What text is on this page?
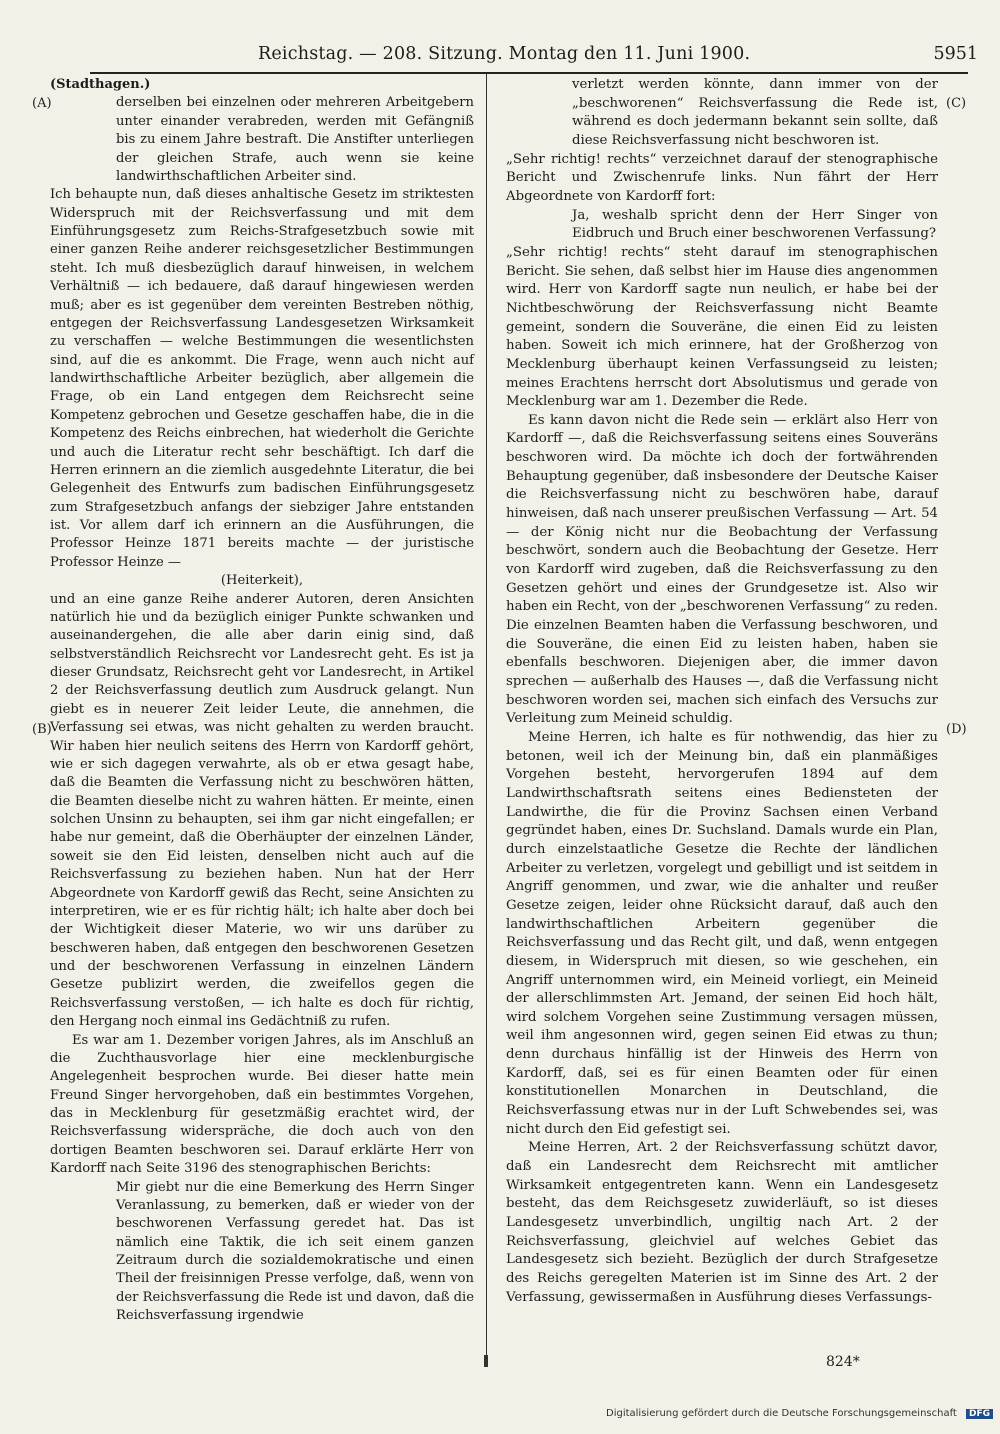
Reichstag. — 208. Sitzung. Montag den 11. Juni 1900.	5951
(A)
(B)
(C)
(D)

(Stadthagen.)

derselben bei einzelnen oder mehreren Arbeitgebern unter einander verabreden, werden mit Gefängniß bis zu einem Jahre bestraft. Die Anstifter unterliegen der gleichen Strafe, auch wenn sie keine landwirthschaftlichen Arbeiter sind.

Ich behaupte nun, daß dieses anhaltische Gesetz im striktesten Widerspruch mit der Reichsverfassung und mit dem Einführungsgesetz zum Reichs-Strafgesetzbuch sowie mit einer ganzen Reihe anderer reichsgesetzlicher Bestimmungen steht. Ich muß diesbezüglich darauf hinweisen, in welchem Verhältniß — ich bedauere, daß darauf hingewiesen werden muß; aber es ist gegenüber dem vereinten Bestreben nöthig, entgegen der Reichsverfassung Landesgesetzen Wirksamkeit zu verschaffen — welche Bestimmungen die wesentlichsten sind, auf die es ankommt. Die Frage, wenn auch nicht auf landwirthschaftliche Arbeiter bezüglich, aber allgemein die Frage, ob ein Land entgegen dem Reichsrecht seine Kompetenz gebrochen und Gesetze geschaffen habe, die in die Kompetenz des Reichs einbrechen, hat wiederholt die Gerichte und auch die Literatur recht sehr beschäftigt. Ich darf die Herren erinnern an die ziemlich ausgedehnte Literatur, die bei Gelegenheit des Entwurfs zum badischen Einführungsgesetz zum Strafgesetzbuch anfangs der siebziger Jahre entstanden ist. Vor allem darf ich erinnern an die Ausführungen, die Professor Heinze 1871 bereits machte — der juristische Professor Heinze —

(Heiterkeit),

und an eine ganze Reihe anderer Autoren, deren Ansichten natürlich hie und da bezüglich einiger Punkte schwanken und auseinandergehen, die alle aber darin einig sind, daß selbstverständlich Reichsrecht vor Landesrecht geht. Es ist ja dieser Grundsatz, Reichsrecht geht vor Landesrecht, in Artikel 2 der Reichsverfassung deutlich zum Ausdruck gelangt. Nun giebt es in neuerer Zeit leider Leute, die annehmen, die Verfassung sei etwas, was nicht gehalten zu werden braucht. Wir haben hier neulich seitens des Herrn von Kardorff gehört, wie er sich dagegen verwahrte, als ob er etwa gesagt habe, daß die Beamten die Verfassung nicht zu beschwören hätten, die Beamten dieselbe nicht zu wahren hätten. Er meinte, einen solchen Unsinn zu behaupten, sei ihm gar nicht eingefallen; er habe nur gemeint, daß die Oberhäupter der einzelnen Länder, soweit sie den Eid leisten, denselben nicht auch auf die Reichsverfassung zu beziehen haben. Nun hat der Herr Abgeordnete von Kardorff gewiß das Recht, seine Ansichten zu interpretiren, wie er es für richtig hält; ich halte aber doch bei der Wichtigkeit dieser Materie, wo wir uns darüber zu beschweren haben, daß entgegen den beschworenen Gesetzen und der beschworenen Verfassung in einzelnen Ländern Gesetze publizirt werden, die zweifellos gegen die Reichsverfassung verstoßen, — ich halte es doch für richtig, den Hergang noch einmal ins Gedächtniß zu rufen.

Es war am 1. Dezember vorigen Jahres, als im Anschluß an die Zuchthausvorlage hier eine mecklenburgische Angelegenheit besprochen wurde. Bei dieser hatte mein Freund Singer hervorgehoben, daß ein bestimmtes Vorgehen, das in Mecklenburg für gesetzmäßig erachtet wird, der Reichsverfassung widerspräche, die doch auch von den dortigen Beamten beschworen sei. Darauf erklärte Herr von Kardorff nach Seite 3196 des stenographischen Berichts:

Mir giebt nur die eine Bemerkung des Herrn Singer Veranlassung, zu bemerken, daß er wieder von der beschworenen Verfassung geredet hat. Das ist nämlich eine Taktik, die ich seit einem ganzen Zeitraum durch die sozialdemokratische und einen Theil der freisinnigen Presse verfolge, daß, wenn von der Reichsverfassung die Rede ist und davon, daß die Reichsverfassung irgendwie

verletzt werden könnte, dann immer von der „beschworenen“ Reichsverfassung die Rede ist, während es doch jedermann bekannt sein sollte, daß diese Reichsverfassung nicht beschworen ist.

„Sehr richtig! rechts“ verzeichnet darauf der stenographische Bericht und Zwischenrufe links. Nun fährt der Herr Abgeordnete von Kardorff fort:

Ja, weshalb spricht denn der Herr Singer von Eidbruch und Bruch einer beschworenen Verfassung?

„Sehr richtig! rechts“ steht darauf im stenographischen Bericht. Sie sehen, daß selbst hier im Hause dies angenommen wird. Herr von Kardorff sagte nun neulich, er habe bei der Nichtbeschwörung der Reichsverfassung nicht Beamte gemeint, sondern die Souveräne, die einen Eid zu leisten haben. Soweit ich mich erinnere, hat der Großherzog von Mecklenburg überhaupt keinen Verfassungseid zu leisten; meines Erachtens herrscht dort Absolutismus und gerade von Mecklenburg war am 1. Dezember die Rede.

Es kann davon nicht die Rede sein — erklärt also Herr von Kardorff —, daß die Reichsverfassung seitens eines Souveräns beschworen wird. Da möchte ich doch der fortwährenden Behauptung gegenüber, daß insbesondere der Deutsche Kaiser die Reichsverfassung nicht zu beschwören habe, darauf hinweisen, daß nach unserer preußischen Verfassung — Art. 54 — der König nicht nur die Beobachtung der Verfassung beschwört, sondern auch die Beobachtung der Gesetze. Herr von Kardorff wird zugeben, daß die Reichsverfassung zu den Gesetzen gehört und eines der Grundgesetze ist. Also wir haben ein Recht, von der „beschworenen Verfassung“ zu reden. Die einzelnen Beamten haben die Verfassung beschworen, und die Souveräne, die einen Eid zu leisten haben, haben sie ebenfalls beschworen. Diejenigen aber, die immer davon sprechen — außerhalb des Hauses —, daß die Verfassung nicht beschworen worden sei, machen sich einfach des Versuchs zur Verleitung zum Meineid schuldig.

Meine Herren, ich halte es für nothwendig, das hier zu betonen, weil ich der Meinung bin, daß ein planmäßiges Vorgehen besteht, hervorgerufen 1894 auf dem Landwirthschaftsrath seitens eines Bediensteten der Landwirthe, die für die Provinz Sachsen einen Verband gegründet haben, eines Dr. Suchsland. Damals wurde ein Plan, durch einzelstaatliche Gesetze die Rechte der ländlichen Arbeiter zu verletzen, vorgelegt und gebilligt und ist seitdem in Angriff genommen, und zwar, wie die anhalter und reußer Gesetze zeigen, leider ohne Rücksicht darauf, daß auch den landwirthschaftlichen Arbeitern gegenüber die Reichsverfassung und das Recht gilt, und daß, wenn entgegen diesem, in Widerspruch mit diesen, so wie geschehen, ein Angriff unternommen wird, ein Meineid vorliegt, ein Meineid der allerschlimmsten Art. Jemand, der seinen Eid hoch hält, wird solchem Vorgehen seine Zustimmung versagen müssen, weil ihm angesonnen wird, gegen seinen Eid etwas zu thun; denn durchaus hinfällig ist der Hinweis des Herrn von Kardorff, daß, sei es für einen Beamten oder für einen konstitutionellen Monarchen in Deutschland, die Reichsverfassung etwas nur in der Luft Schwebendes sei, was nicht durch den Eid gefestigt sei.

Meine Herren, Art. 2 der Reichsverfassung schützt davor, daß ein Landesrecht dem Reichsrecht mit amtlicher Wirksamkeit entgegentreten kann. Wenn ein Landesgesetz besteht, das dem Reichsgesetz zuwiderläuft, so ist dieses Landesgesetz unverbindlich, ungiltig nach Art. 2 der Reichsverfassung, gleichviel auf welches Gebiet das Landesgesetz sich bezieht. Bezüglich der durch Strafgesetze des Reichs geregelten Materien ist im Sinne des Art. 2 der Verfassung, gewissermaßen in Ausführung dieses Verfassungs-

824*
Digitalisierung gefördert durch die Deutsche Forschungsgemeinschaft DFG
